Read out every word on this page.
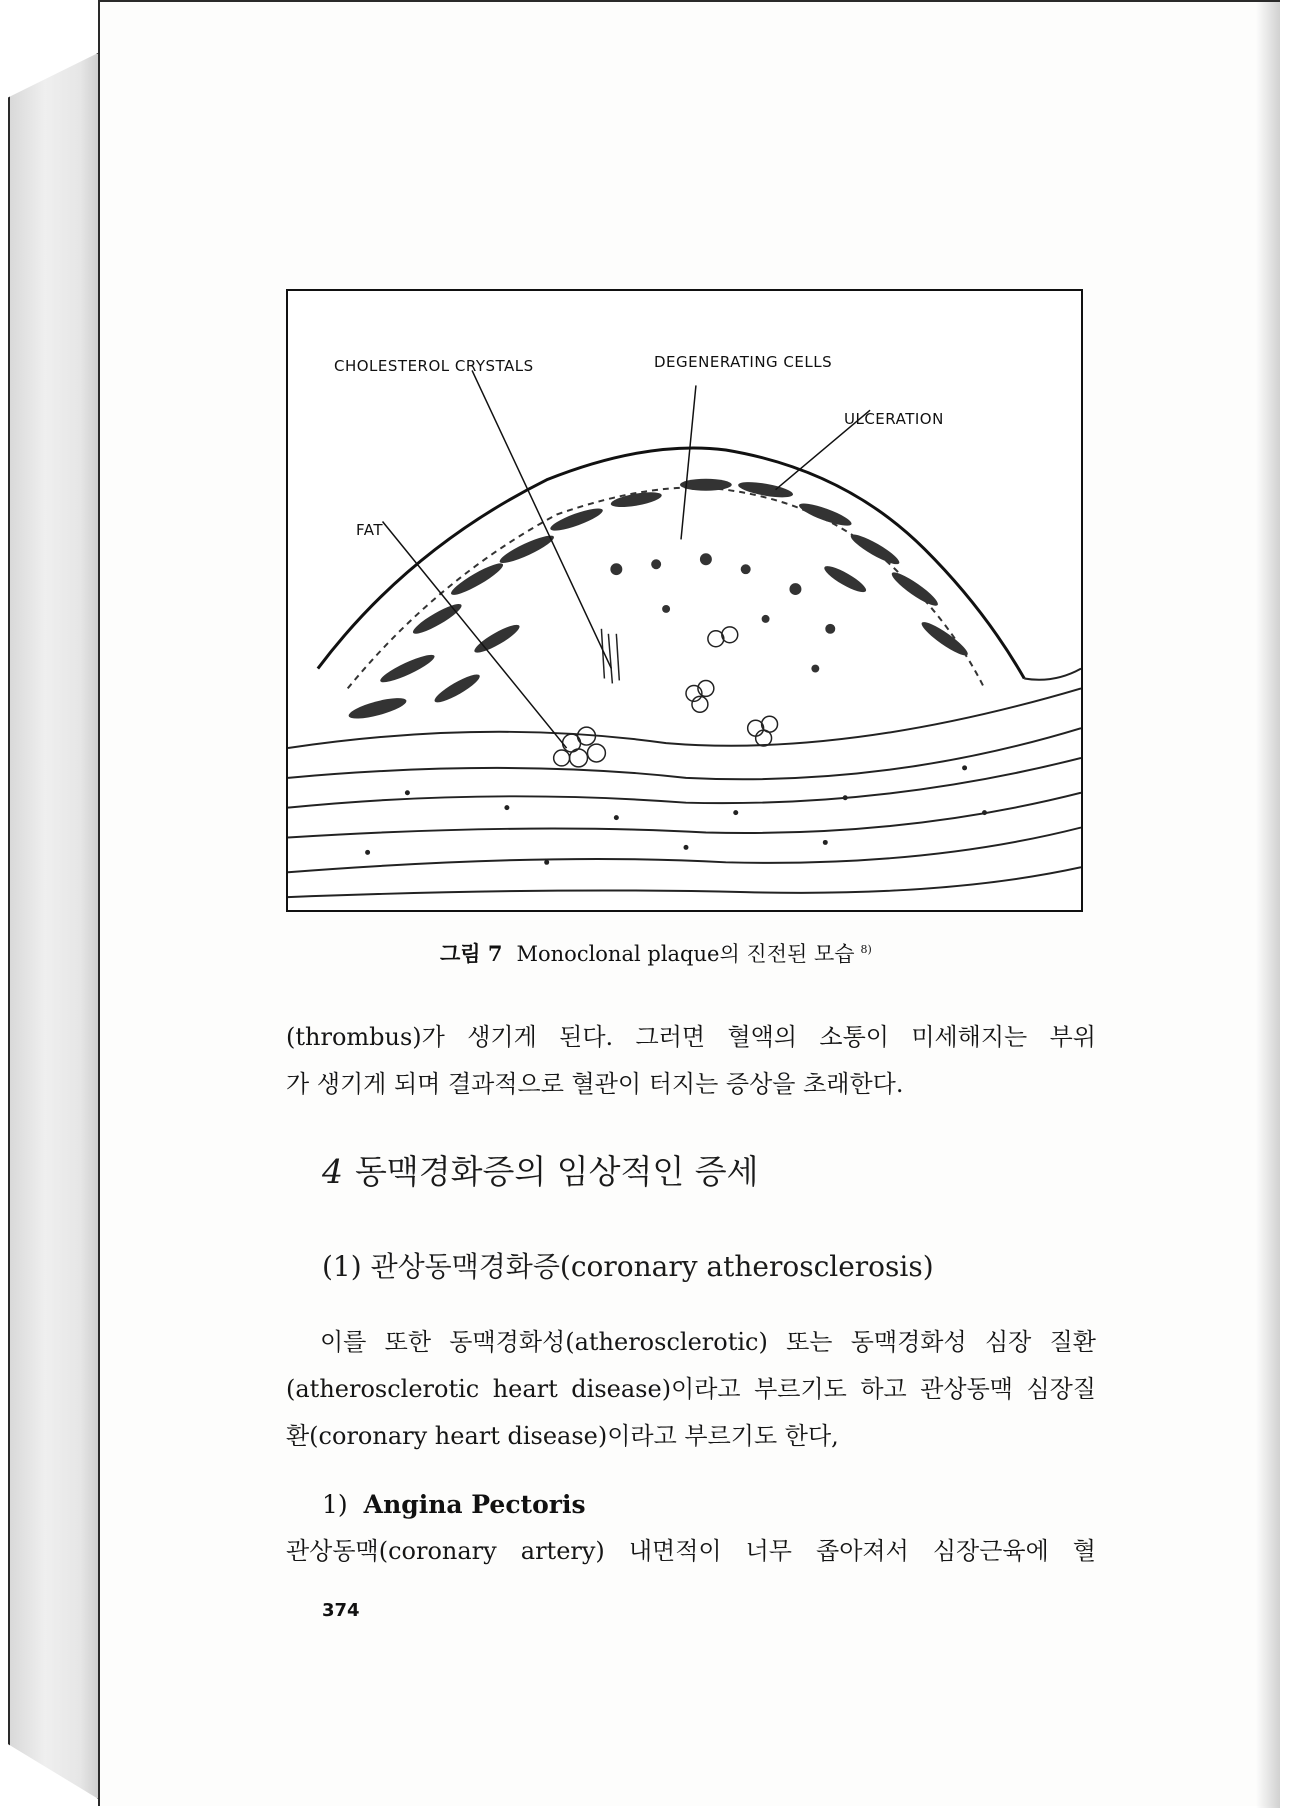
CHOLESTEROL CRYSTALS	DEGENERATING CELLS
ULCERATION
FAT
그림 7 Monoclonal plaque의 진전된 모습 $^{8)}$
(thrombus)가 생기게 된다. 그러면 혈액의 소통이 미세해지는 부위
가 생기게 되며 결과적으로 혈관이 터지는 증상을 초래한다.
4 동맥경화증의 임상적인 증세
(1) 관상동맥경화증(coronary atherosclerosis)
이를 또한 동맥경화성(atherosclerotic) 또는 동맥경화성 심장 질환
(atherosclerotic heart disease)이라고 부르기도 하고 관상동맥 심장질
환(coronary heart disease)이라고 부르기도 한다,
1) Angina Pectoris
관상동맥(coronary artery) 내면적이 너무 좁아져서 심장근육에 혈
374
